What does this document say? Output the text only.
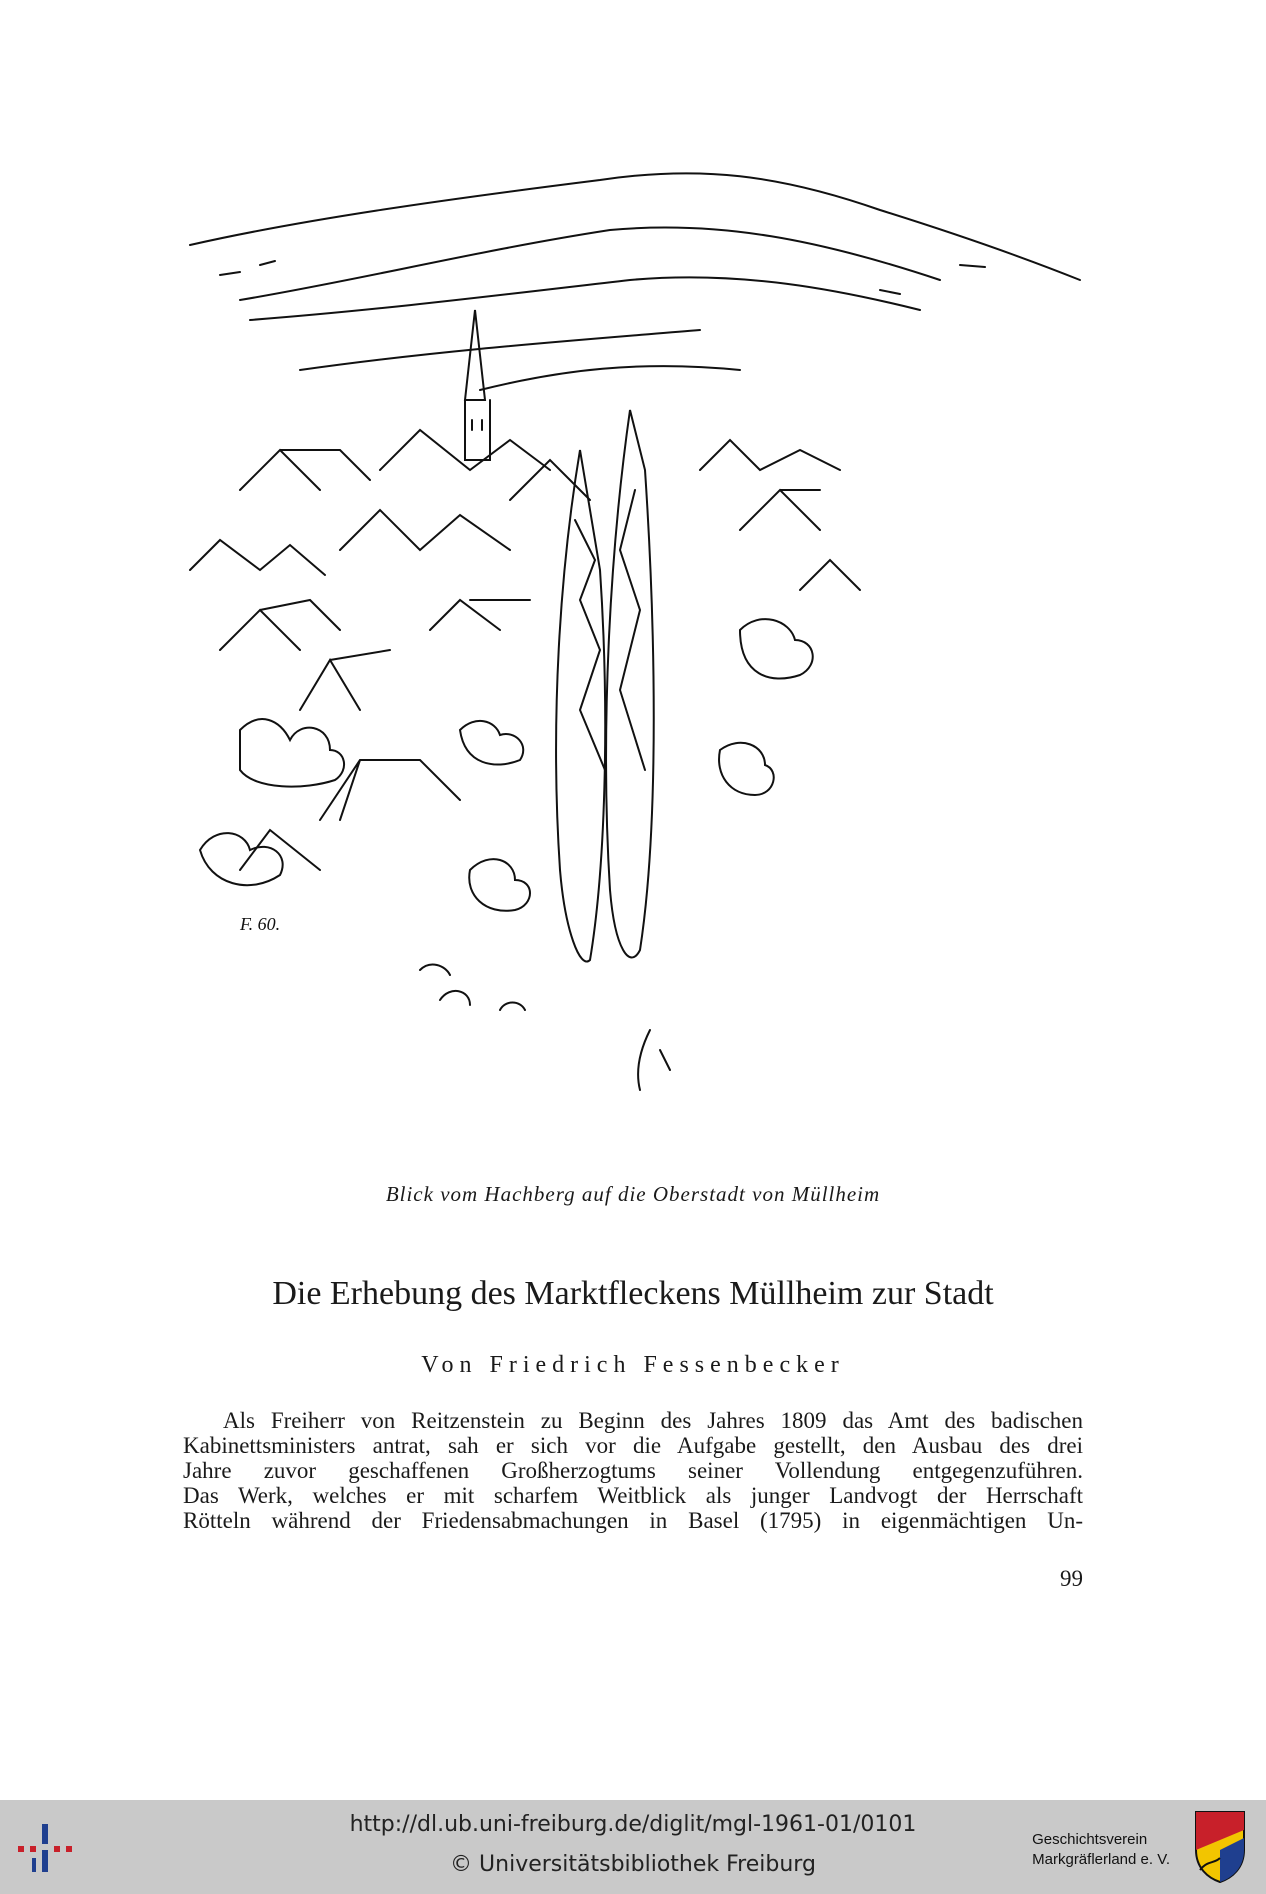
F. 60.
Blick vom Hachberg auf die Oberstadt von Müllheim
Die Erhebung des Marktfleckens Müllheim zur Stadt
Von Friedrich Fessenbecker
Als Freiherr von Reitzenstein zu Beginn des Jahres 1809 das Amt des badischen
Kabinettsministers antrat, sah er sich vor die Aufgabe gestellt, den Ausbau des drei
Jahre zuvor geschaffenen Großherzogtums seiner Vollendung entgegenzuführen.
Das Werk, welches er mit scharfem Weitblick als junger Landvogt der Herrschaft
Rötteln während der Friedensabmachungen in Basel (1795) in eigenmächtigen Un-
99
http://dl.ub.uni-freiburg.de/diglit/mgl-1961-01/0101
© Universitätsbibliothek Freiburg
Geschichtsverein
Markgräflerland e. V.
